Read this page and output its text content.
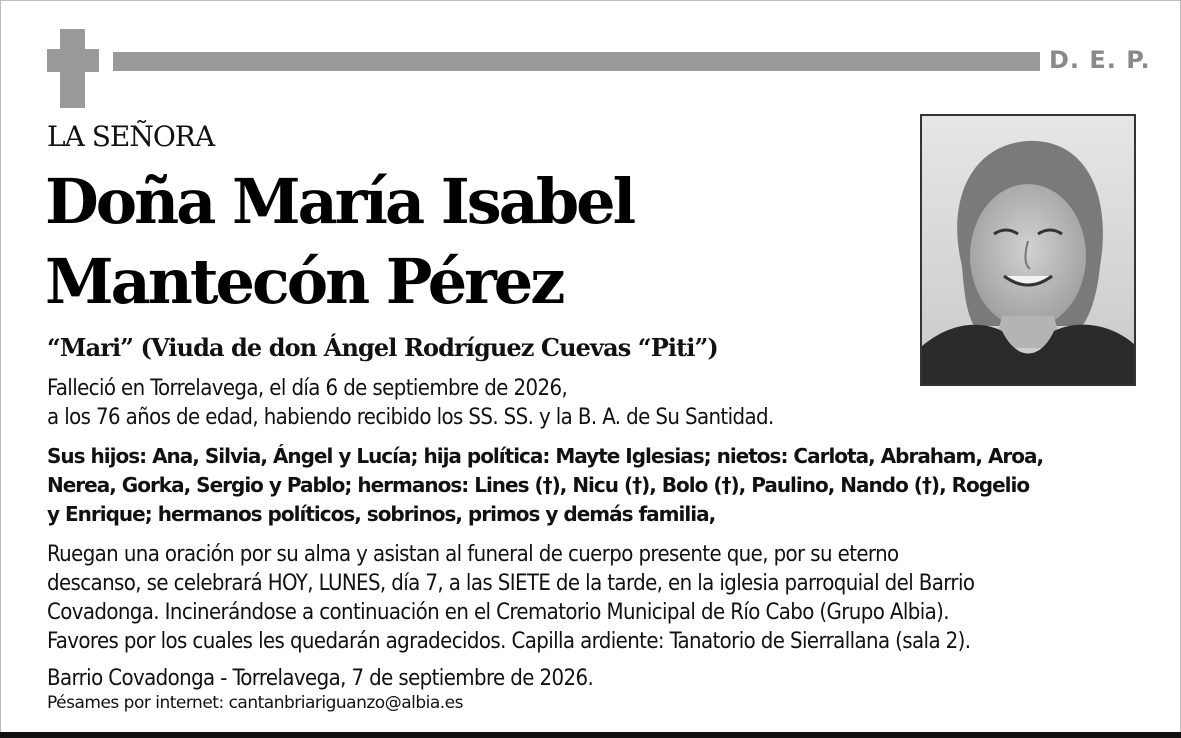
D. E. P.
LA SEÑORA
Doña María Isabel
Mantecón Pérez
“Mari” (Viuda de don Ángel Rodríguez Cuevas “Piti”)
Falleció en Torrelavega, el día 6 de septiembre de 2026,
a los 76 años de edad, habiendo recibido los SS. SS. y la B. A. de Su Santidad.
Sus hijos: Ana, Silvia, Ángel y Lucía; hija política: Mayte Iglesias; nietos: Carlota, Abraham, Aroa,
Nerea, Gorka, Sergio y Pablo; hermanos: Lines (†), Nicu (†), Bolo (†), Paulino, Nando (†), Rogelio
y Enrique; hermanos políticos, sobrinos, primos y demás familia,
Ruegan una oración por su alma y asistan al funeral de cuerpo presente que, por su eterno
descanso, se celebrará HOY, LUNES, día 7, a las SIETE de la tarde, en la iglesia parroquial del Barrio
Covadonga. Incinerándose a continuación en el Crematorio Municipal de Río Cabo (Grupo Albia).
Favores por los cuales les quedarán agradecidos. Capilla ardiente: Tanatorio de Sierrallana (sala 2).
Barrio Covadonga - Torrelavega, 7 de septiembre de 2026.
Pésames por internet: cantanbriariguanzo@albia.es
